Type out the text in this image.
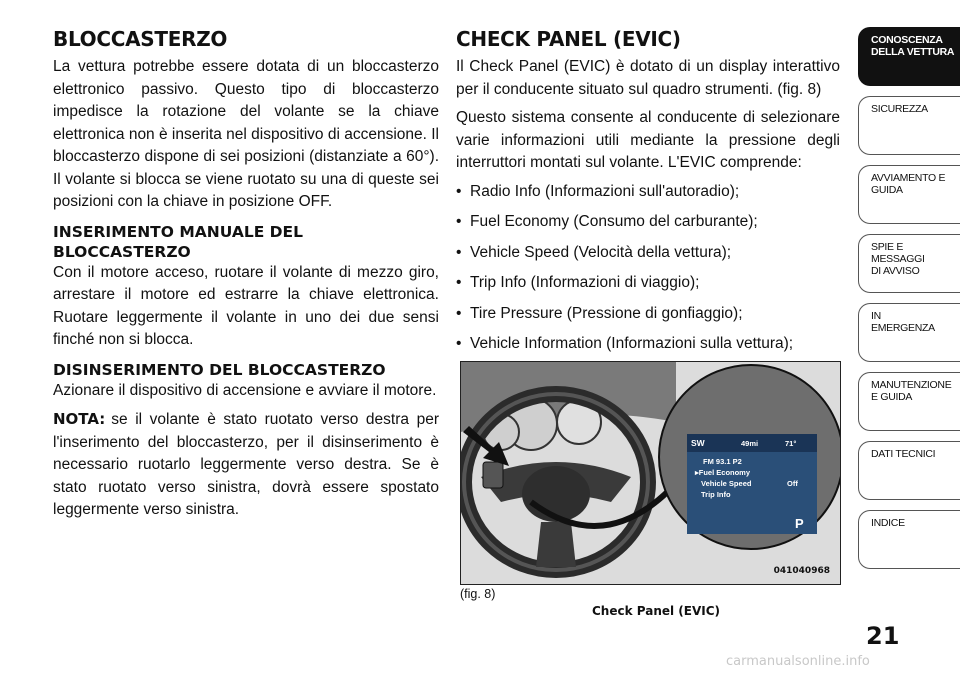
BLOCCASTERZO

La vettura potrebbe essere dotata di un bloccasterzo elettronico passivo. Questo tipo di bloccasterzo impedisce la rotazione del volante se la chiave elettronica non è inserita nel dispositivo di accensione. Il bloccasterzo dispone di sei posizioni (distanziate a 60°). Il volante si blocca se viene ruotato su una di queste sei posizioni con la chiave in posizione OFF.

INSERIMENTO MANUALE DEL BLOCCASTERZO

Con il motore acceso, ruotare il volante di mezzo giro, arrestare il motore ed estrarre la chiave elettronica. Ruotare leggermente il volante in uno dei due sensi finché non si blocca.

DISINSERIMENTO DEL BLOCCASTERZO

Azionare il dispositivo di accensione e avviare il motore.

NOTA: se il volante è stato ruotato verso destra per l'inserimento del bloccasterzo, per il disinserimento è necessario ruotarlo leggermente verso destra. Se è stato ruotato verso sinistra, dovrà essere spostato leggermente verso sinistra.

CHECK PANEL (EVIC)

Il Check Panel (EVIC) è dotato di un display interattivo per il conducente situato sul quadro strumenti. (fig. 8)

Questo sistema consente al conducente di selezionare varie informazioni utili mediante la pressione degli interruttori montati sul volante. L'EVIC comprende:

• Radio Info (Informazioni sull'autoradio);
• Fuel Economy (Consumo del carburante);
• Vehicle Speed (Velocità della vettura);
• Trip Info (Informazioni di viaggio);
• Tire Pressure (Pressione di gonfiaggio);
• Vehicle Information (Informazioni sulla vettura);
SW	49mi	71°
FM 93.1 P2
▸Fuel Economy
Vehicle Speed	Off
Trip Info
P
041040968
(fig. 8)
Check Panel (EVIC)
CONOSCENZA
DELLA VETTURA
SICUREZZA
AVVIAMENTO E
GUIDA
SPIE E
MESSAGGI
DI AVVISO
IN
EMERGENZA
MANUTENZIONE
E GUIDA
DATI TECNICI
INDICE
21
carmanualsonline.info
